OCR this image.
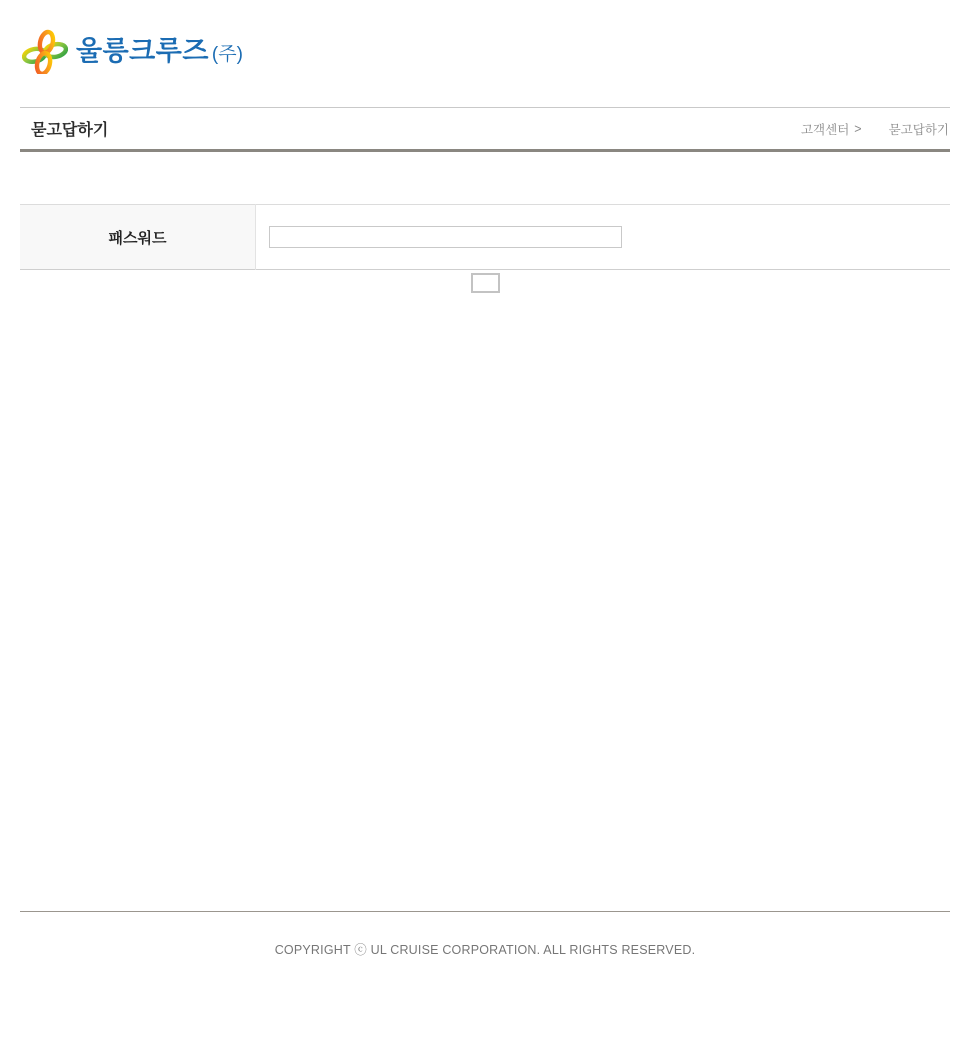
울릉크루즈 (주)
묻고답하기	고객센터 > 묻고답하기
패스워드	

COPYRIGHT ⓒ UL CRUISE CORPORATION. ALL RIGHTS RESERVED.
